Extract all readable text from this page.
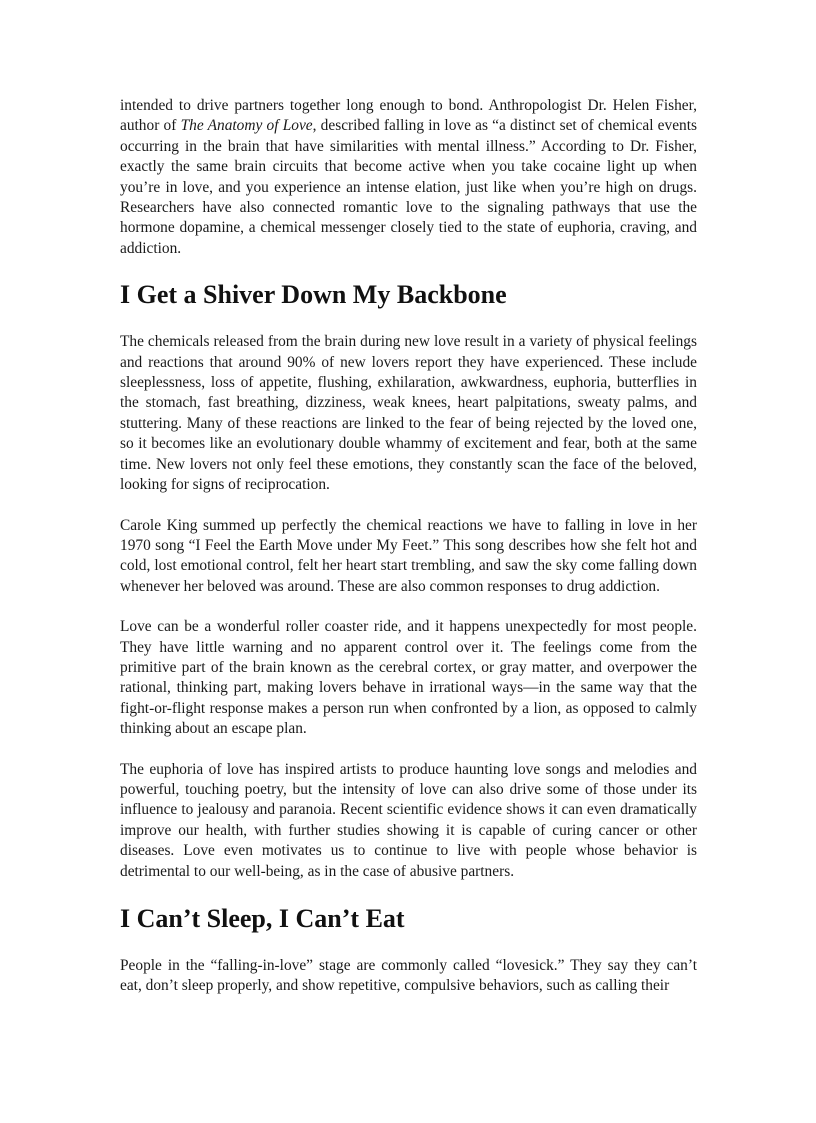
intended to drive partners together long enough to bond. Anthropologist Dr. Helen Fisher, author of The Anatomy of Love, described falling in love as “a distinct set of chemical events occurring in the brain that have similarities with mental illness.” According to Dr. Fisher, exactly the same brain circuits that become active when you take cocaine light up when you’re in love, and you experience an intense elation, just like when you’re high on drugs. Researchers have also connected romantic love to the signaling pathways that use the hormone dopamine, a chemical messenger closely tied to the state of euphoria, craving, and addiction.

I Get a Shiver Down My Backbone

The chemicals released from the brain during new love result in a variety of physical feelings and reactions that around 90% of new lovers report they have experienced. These include sleeplessness, loss of appetite, flushing, exhilaration, awkwardness, euphoria, butterflies in the stomach, fast breathing, dizziness, weak knees, heart palpitations, sweaty palms, and stuttering. Many of these reactions are linked to the fear of being rejected by the loved one, so it becomes like an evolutionary double whammy of excitement and fear, both at the same time. New lovers not only feel these emotions, they constantly scan the face of the beloved, looking for signs of reciprocation.

Carole King summed up perfectly the chemical reactions we have to falling in love in her 1970 song “I Feel the Earth Move under My Feet.” This song describes how she felt hot and cold, lost emotional control, felt her heart start trembling, and saw the sky come falling down whenever her beloved was around. These are also common responses to drug addiction.

Love can be a wonderful roller coaster ride, and it happens unexpectedly for most people. They have little warning and no apparent control over it. The feelings come from the primitive part of the brain known as the cerebral cortex, or gray matter, and overpower the rational, thinking part, making lovers behave in irrational ways—in the same way that the fight-or-flight response makes a person run when confronted by a lion, as opposed to calmly thinking about an escape plan.

The euphoria of love has inspired artists to produce haunting love songs and melodies and powerful, touching poetry, but the intensity of love can also drive some of those under its influence to jealousy and paranoia. Recent scientific evidence shows it can even dramatically improve our health, with further studies showing it is capable of curing cancer or other diseases. Love even motivates us to continue to live with people whose behavior is detrimental to our well-being, as in the case of abusive partners.

I Can’t Sleep, I Can’t Eat

People in the “falling-in-love” stage are commonly called “lovesick.” They say they can’t eat, don’t sleep properly, and show repetitive, compulsive behaviors, such as calling their
